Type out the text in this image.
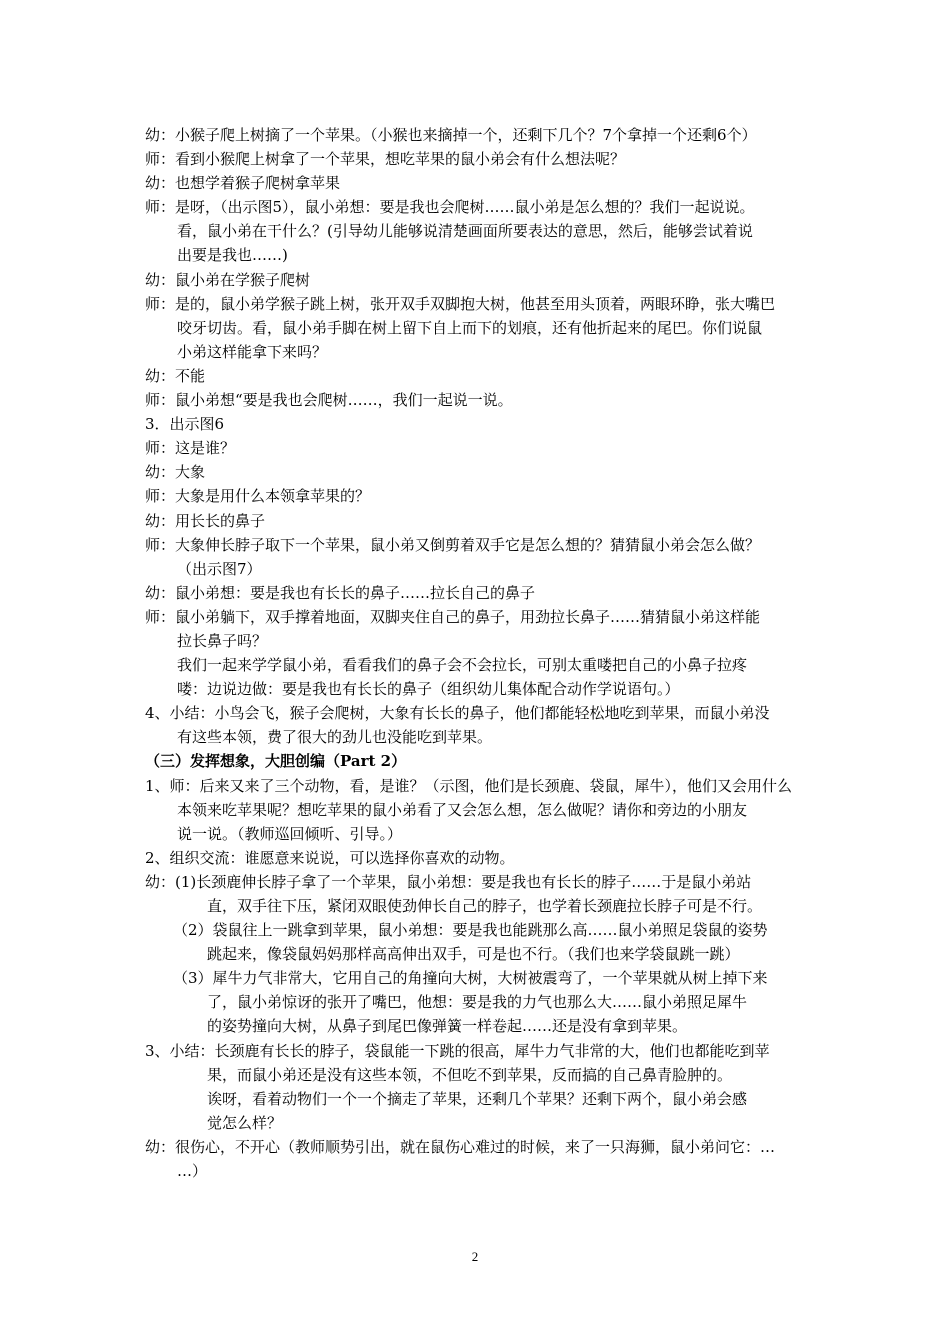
幼：小猴子爬上树摘了一个苹果。（小猴也来摘掉一个，还剩下几个？7个拿掉一个还剩6个）

师：看到小猴爬上树拿了一个苹果，想吃苹果的鼠小弟会有什么想法呢？

幼：也想学着猴子爬树拿苹果

师：是呀，（出示图5），鼠小弟想：要是我也会爬树……鼠小弟是怎么想的？我们一起说说。

看，鼠小弟在干什么？(引导幼儿能够说清楚画面所要表达的意思，然后，能够尝试着说

出要是我也……)

幼：鼠小弟在学猴子爬树

师：是的，鼠小弟学猴子跳上树，张开双手双脚抱大树，他甚至用头顶着，两眼环睁，张大嘴巴

咬牙切齿。看，鼠小弟手脚在树上留下自上而下的划痕，还有他折起来的尾巴。你们说鼠

小弟这样能拿下来吗？

幼：不能

师：鼠小弟想“要是我也会爬树……，我们一起说一说。

3．出示图6

师：这是谁？

幼：大象

师：大象是用什么本领拿苹果的？

幼：用长长的鼻子

师：大象伸长脖子取下一个苹果，鼠小弟又倒剪着双手它是怎么想的？猜猜鼠小弟会怎么做？

（出示图7）

幼：鼠小弟想：要是我也有长长的鼻子……拉长自己的鼻子

师：鼠小弟躺下，双手撑着地面，双脚夹住自己的鼻子，用劲拉长鼻子……猜猜鼠小弟这样能

拉长鼻子吗？

我们一起来学学鼠小弟，看看我们的鼻子会不会拉长，可别太重喽把自己的小鼻子拉疼

喽：边说边做：要是我也有长长的鼻子（组织幼儿集体配合动作学说语句。）

4、小结：小鸟会飞，猴子会爬树，大象有长长的鼻子，他们都能轻松地吃到苹果，而鼠小弟没

有这些本领，费了很大的劲儿也没能吃到苹果。

（三）发挥想象，大胆创编（Part 2）

1、师：后来又来了三个动物，看，是谁？（示图，他们是长颈鹿、袋鼠，犀牛），他们又会用什么

本领来吃苹果呢？想吃苹果的鼠小弟看了又会怎么想，怎么做呢？请你和旁边的小朋友

说一说。（教师巡回倾听、引导。）

2、组织交流：谁愿意来说说，可以选择你喜欢的动物。

幼：(1)长颈鹿伸长脖子拿了一个苹果，鼠小弟想：要是我也有长长的脖子……于是鼠小弟站

直，双手往下压，紧闭双眼使劲伸长自己的脖子，也学着长颈鹿拉长脖子可是不行。

（2）袋鼠往上一跳拿到苹果，鼠小弟想：要是我也能跳那么高……鼠小弟照足袋鼠的姿势

跳起来，像袋鼠妈妈那样高高伸出双手，可是也不行。（我们也来学袋鼠跳一跳）

（3）犀牛力气非常大，它用自己的角撞向大树，大树被震弯了，一个苹果就从树上掉下来

了，鼠小弟惊讶的张开了嘴巴，他想：要是我的力气也那么大……鼠小弟照足犀牛

的姿势撞向大树，从鼻子到尾巴像弹簧一样卷起……还是没有拿到苹果。

3、小结：长颈鹿有长长的脖子，袋鼠能一下跳的很高，犀牛力气非常的大，他们也都能吃到苹

果，而鼠小弟还是没有这些本领，不但吃不到苹果，反而搞的自己鼻青脸肿的。

诶呀，看着动物们一个一个摘走了苹果，还剩几个苹果？还剩下两个，鼠小弟会感

觉怎么样？

幼：很伤心，不开心（教师顺势引出，就在鼠伤心难过的时候，来了一只海狮，鼠小弟问它：…

…）

2
